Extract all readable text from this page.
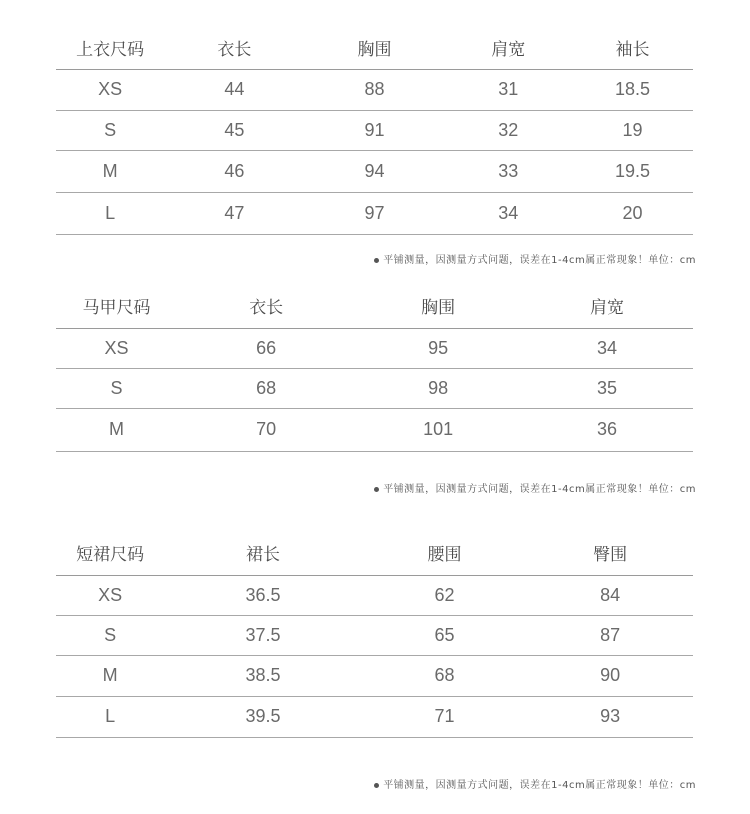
上衣尺码	衣长	胸围	肩宽	袖长
XS	44	88	31	18.5
S	45	91	32	19
M	46	94	33	19.5
L	47	97	34	20
平铺测量，因测量方式问题，误差在1-4cm属正常现象！单位：cm
马甲尺码	衣长	胸围	肩宽
XS	66	95	34
S	68	98	35
M	70	101	36
平铺测量，因测量方式问题，误差在1-4cm属正常现象！单位：cm
短裙尺码	裙长	腰围	臀围
XS	36.5	62	84
S	37.5	65	87
M	38.5	68	90
L	39.5	71	93
平铺测量，因测量方式问题，误差在1-4cm属正常现象！单位：cm
